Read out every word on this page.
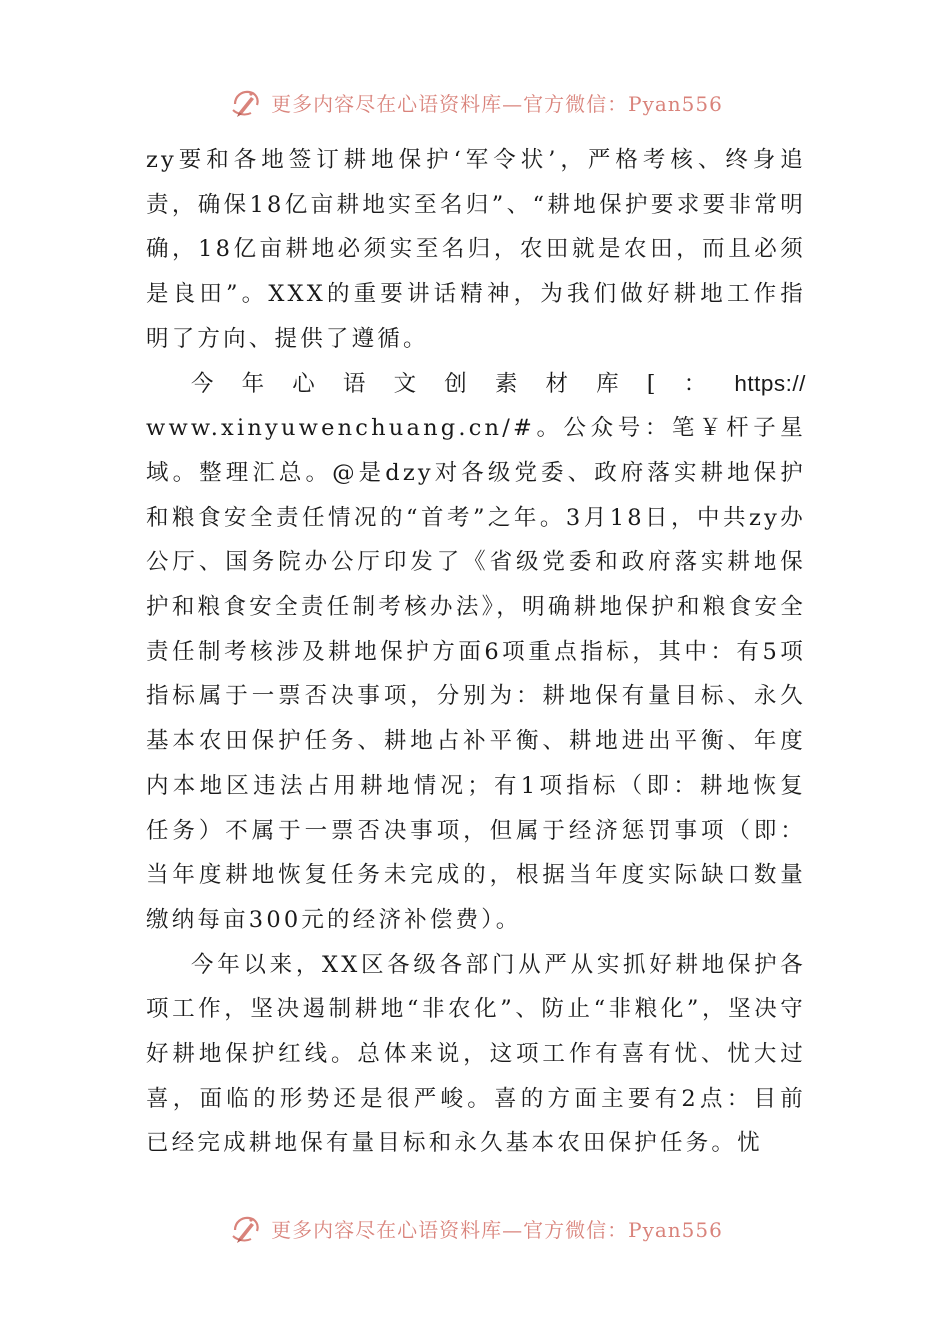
更多内容尽在心语资料库—官方微信：Pyan556

zy要和各地签订耕地保护‘军令状’，严格考核、终身追责，确保18亿亩耕地实至名归”、“耕地保护要求要非常明确，18亿亩耕地必须实至名归，农田就是农田，而且必须是良田”。XXX的重要讲话精神，为我们做好耕地工作指明了方向、提供了遵循。

今 年 心 语 文 创 素 材 库 [ ： https://

www.xinyuwenchuang.cn/#。公众号：笔￥杆子星域。整理汇总。@是dzy对各级党委、政府落实耕地保护和粮食安全责任情况的“首考”之年。3月18日，中共zy办公厅、国务院办公厅印发了《省级党委和政府落实耕地保护和粮食安全责任制考核办法》，明确耕地保护和粮食安全责任制考核涉及耕地保护方面6项重点指标，其中：有5项指标属于一票否决事项，分别为：耕地保有量目标、永久基本农田保护任务、耕地占补平衡、耕地进出平衡、年度内本地区违法占用耕地情况；有1项指标（即：耕地恢复任务）不属于一票否决事项，但属于经济惩罚事项（即：当年度耕地恢复任务未完成的，根据当年度实际缺口数量缴纳每亩300元的经济补偿费）。

今年以来，XX区各级各部门从严从实抓好耕地保护各项工作，坚决遏制耕地“非农化”、防止“非粮化”，坚决守好耕地保护红线。总体来说，这项工作有喜有忧、忧大过喜，面临的形势还是很严峻。喜的方面主要有2点：目前已经完成耕地保有量目标和永久基本农田保护任务。忧

更多内容尽在心语资料库—官方微信：Pyan556
